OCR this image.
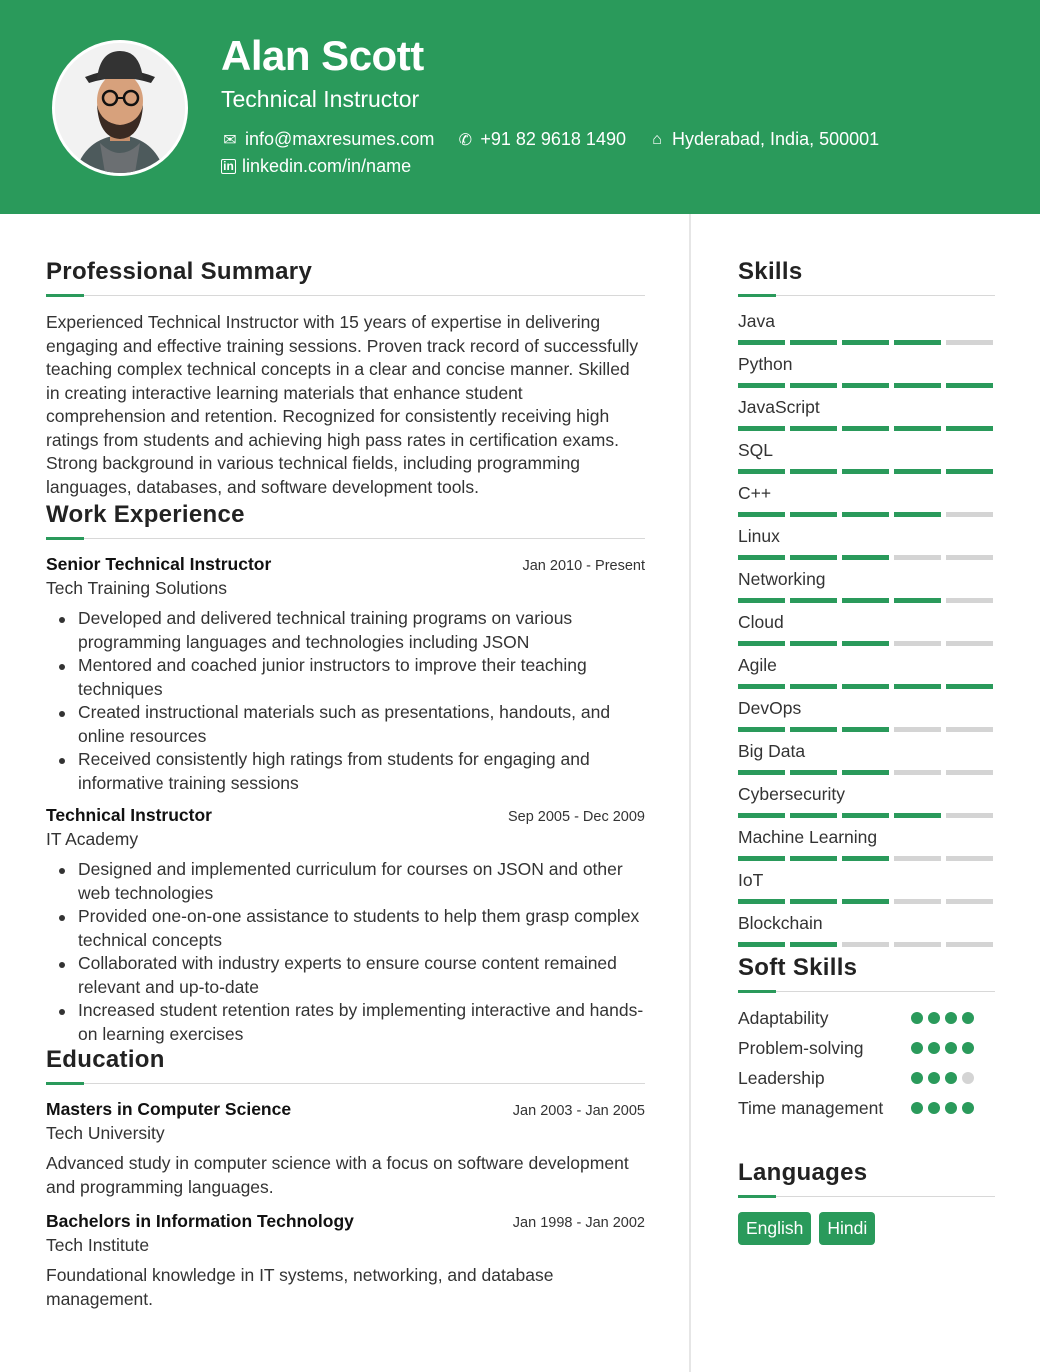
Alan Scott
Technical Instructor
✉ info@maxresumes.com ✆ +91 82 9618 1490 ⌂ Hyderabad, India, 500001
in linkedin.com/in/name
Professional Summary
Experienced Technical Instructor with 15 years of expertise in delivering engaging and effective training sessions. Proven track record of successfully teaching complex technical concepts in a clear and concise manner. Skilled in creating interactive learning materials that enhance student comprehension and retention. Recognized for consistently receiving high ratings from students and achieving high pass rates in certification exams. Strong background in various technical fields, including programming languages, databases, and software development tools.
Work Experience
Senior Technical Instructor	Jan 2010 - Present
Tech Training Solutions
Developed and delivered technical training programs on various programming languages and technologies including JSON
Mentored and coached junior instructors to improve their teaching techniques
Created instructional materials such as presentations, handouts, and online resources
Received consistently high ratings from students for engaging and informative training sessions
Technical Instructor	Sep 2005 - Dec 2009
IT Academy
Designed and implemented curriculum for courses on JSON and other web technologies
Provided one-on-one assistance to students to help them grasp complex technical concepts
Collaborated with industry experts to ensure course content remained relevant and up-to-date
Increased student retention rates by implementing interactive and hands-on learning exercises
Education
Masters in Computer Science	Jan 2003 - Jan 2005
Tech University
Advanced study in computer science with a focus on software development and programming languages.
Bachelors in Information Technology	Jan 1998 - Jan 2002
Tech Institute
Foundational knowledge in IT systems, networking, and database management.
Skills
Java
Python
JavaScript
SQL
C++
Linux
Networking
Cloud
Agile
DevOps
Big Data
Cybersecurity
Machine Learning
IoT
Blockchain
Soft Skills
Adaptability
Problem-solving
Leadership
Time management
Languages
English	Hindi
